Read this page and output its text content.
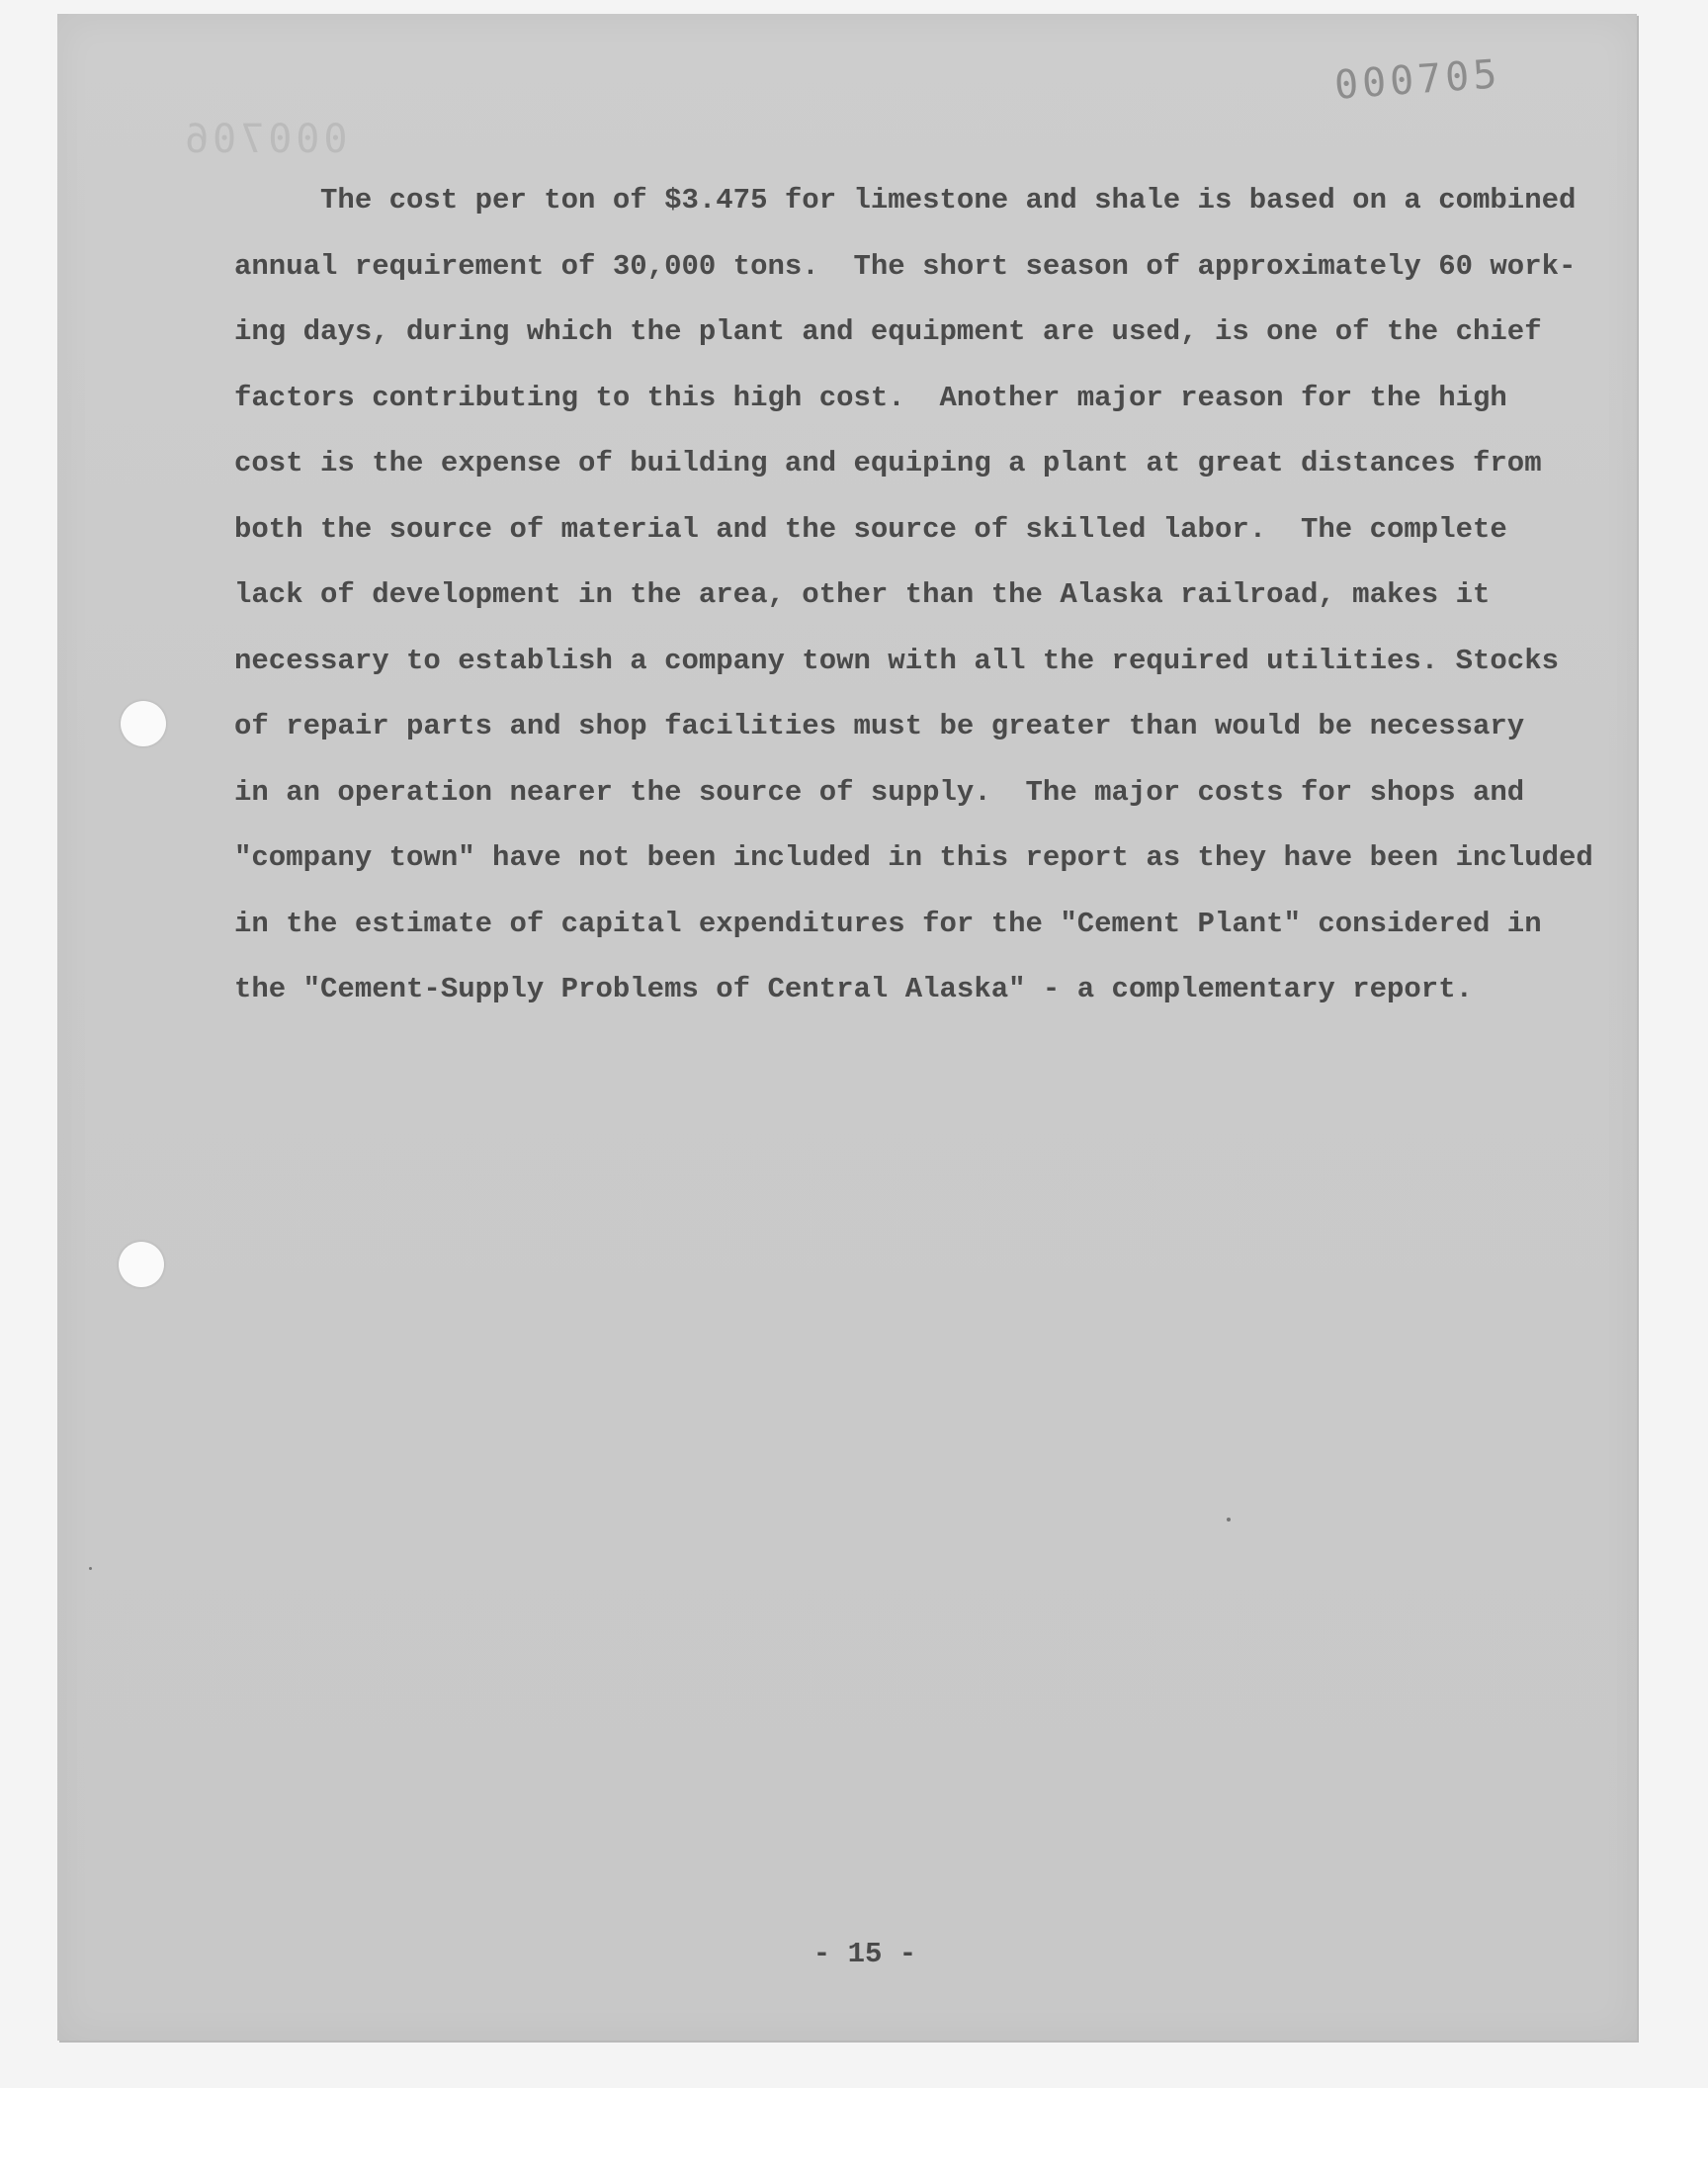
000705
000706
The cost per ton of $3.475 for limestone and shale is based on a combined
annual requirement of 30,000 tons.  The short season of approximately 60 work-
ing days, during which the plant and equipment are used, is one of the chief
factors contributing to this high cost.  Another major reason for the high
cost is the expense of building and equiping a plant at great distances from
both the source of material and the source of skilled labor.  The complete
lack of development in the area, other than the Alaska railroad, makes it
necessary to establish a company town with all the required utilities. Stocks
of repair parts and shop facilities must be greater than would be necessary
in an operation nearer the source of supply.  The major costs for shops and
"company town" have not been included in this report as they have been included
in the estimate of capital expenditures for the "Cement Plant" considered in
the "Cement-Supply Problems of Central Alaska" - a complementary report.
- 15 -
